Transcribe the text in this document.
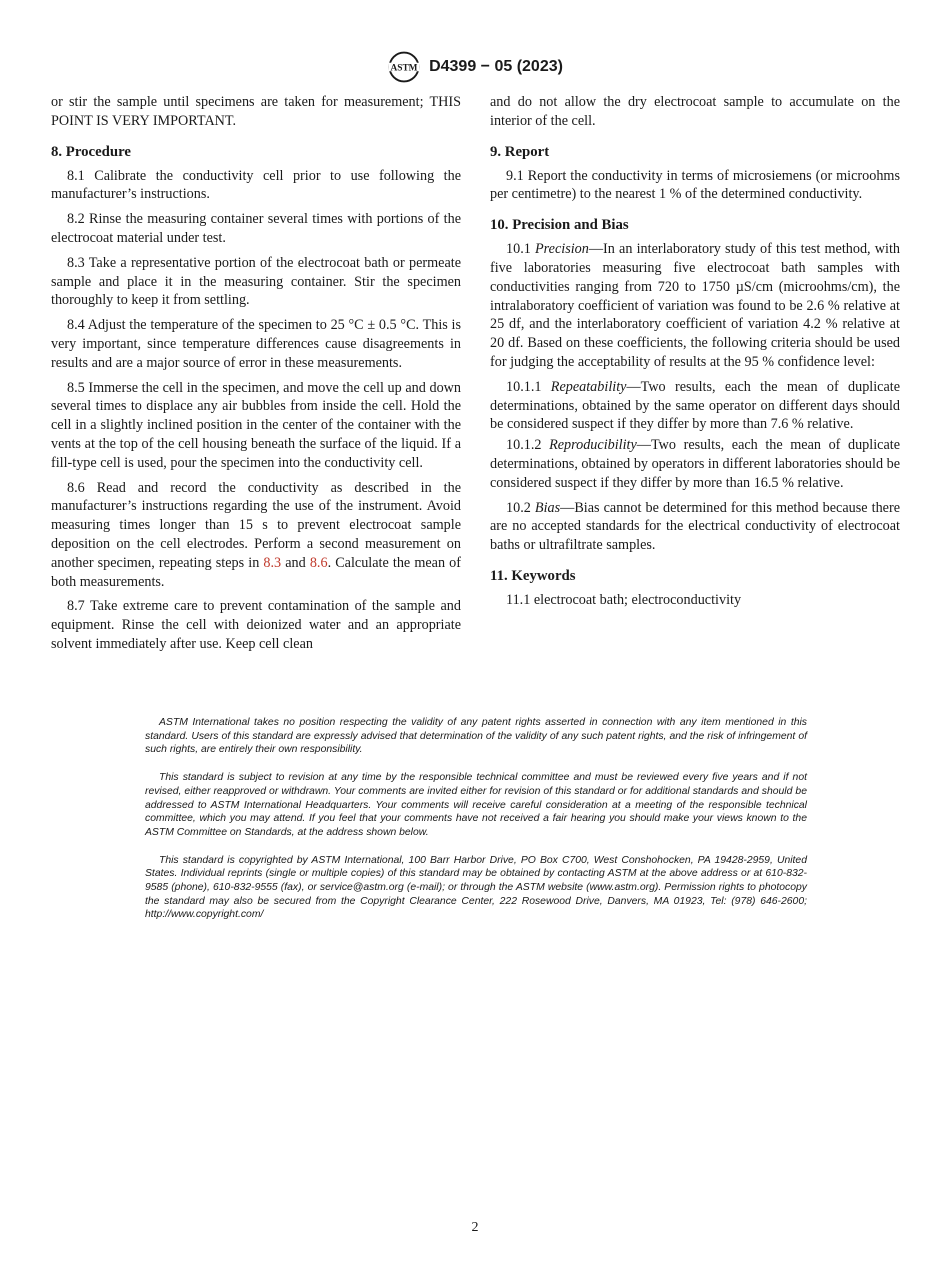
ASTM D4399 − 05 (2023)

or stir the sample until specimens are taken for measurement; THIS POINT IS VERY IMPORTANT.

8. Procedure

8.1 Calibrate the conductivity cell prior to use following the manufacturer’s instructions.

8.2 Rinse the measuring container several times with portions of the electrocoat material under test.

8.3 Take a representative portion of the electrocoat bath or permeate sample and place it in the measuring container. Stir the specimen thoroughly to keep it from settling.

8.4 Adjust the temperature of the specimen to 25 °C ± 0.5 °C. This is very important, since temperature differences cause disagreements in results and are a major source of error in these measurements.

8.5 Immerse the cell in the specimen, and move the cell up and down several times to displace any air bubbles from inside the cell. Hold the cell in a slightly inclined position in the center of the container with the vents at the top of the cell housing beneath the surface of the liquid. If a fill-type cell is used, pour the specimen into the conductivity cell.

8.6 Read and record the conductivity as described in the manufacturer’s instructions regarding the use of the instrument. Avoid measuring times longer than 15 s to prevent electrocoat sample deposition on the cell electrodes. Perform a second measurement on another specimen, repeating steps in 8.3 and 8.6. Calculate the mean of both measurements.

8.7 Take extreme care to prevent contamination of the sample and equipment. Rinse the cell with deionized water and an appropriate solvent immediately after use. Keep cell clean

and do not allow the dry electrocoat sample to accumulate on the interior of the cell.

9. Report

9.1 Report the conductivity in terms of microsiemens (or microohms per centimetre) to the nearest 1 % of the determined conductivity.

10. Precision and Bias

10.1 Precision—In an interlaboratory study of this test method, with five laboratories measuring five electrocoat bath samples with conductivities ranging from 720 to 1750 µS/cm (microohms/cm), the intralaboratory coefficient of variation was found to be 2.6 % relative at 25 df, and the interlaboratory coefficient of variation 4.2 % relative at 20 df. Based on these coefficients, the following criteria should be used for judging the acceptability of results at the 95 % confidence level:

10.1.1 Repeatability—Two results, each the mean of duplicate determinations, obtained by the same operator on different days should be considered suspect if they differ by more than 7.6 % relative.

10.1.2 Reproducibility—Two results, each the mean of duplicate determinations, obtained by operators in different laboratories should be considered suspect if they differ by more than 16.5 % relative.

10.2 Bias—Bias cannot be determined for this method because there are no accepted standards for the electrical conductivity of electrocoat baths or ultrafiltrate samples.

11. Keywords

11.1 electrocoat bath; electroconductivity

ASTM International takes no position respecting the validity of any patent rights asserted in connection with any item mentioned in this standard. Users of this standard are expressly advised that determination of the validity of any such patent rights, and the risk of infringement of such rights, are entirely their own responsibility.

This standard is subject to revision at any time by the responsible technical committee and must be reviewed every five years and if not revised, either reapproved or withdrawn. Your comments are invited either for revision of this standard or for additional standards and should be addressed to ASTM International Headquarters. Your comments will receive careful consideration at a meeting of the responsible technical committee, which you may attend. If you feel that your comments have not received a fair hearing you should make your views known to the ASTM Committee on Standards, at the address shown below.

This standard is copyrighted by ASTM International, 100 Barr Harbor Drive, PO Box C700, West Conshohocken, PA 19428-2959, United States. Individual reprints (single or multiple copies) of this standard may be obtained by contacting ASTM at the above address or at 610-832-9585 (phone), 610-832-9555 (fax), or service@astm.org (e-mail); or through the ASTM website (www.astm.org). Permission rights to photocopy the standard may also be secured from the Copyright Clearance Center, 222 Rosewood Drive, Danvers, MA 01923, Tel: (978) 646-2600; http://www.copyright.com/

2
